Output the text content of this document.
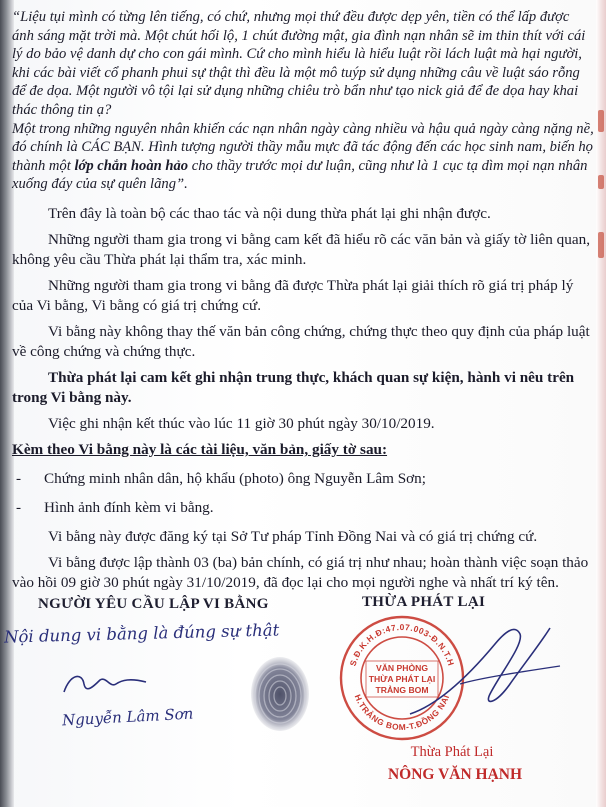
“Liệu tụi mình có từng lên tiếng, có chứ, nhưng mọi thứ đều được dẹp yên, tiền có thể lấp được ánh sáng mặt trời mà. Một chút hối lộ, 1 chút đường mật, gia đình nạn nhân sẽ im thin thít với cái lý do bảo vệ danh dự cho con gái mình. Cứ cho mình hiểu là hiểu luật rồi lách luật mà hại người, khi các bài viết cổ phanh phui sự thật thì đều là một mô tuýp sử dụng những câu về luật sáo rỗng để đe dọa. Một người vô tội lại sử dụng những chiêu trò bẩn như tạo nick giả để đe dọa hay khai thác thông tin ạ?
Một trong những nguyên nhân khiến các nạn nhân ngày càng nhiều và hậu quả ngày càng nặng nề, đó chính là CÁC BẠN. Hình tượng người thầy mẫu mực đã tác động đến các học sinh nam, biến họ thành một lớp chắn hoàn hảo cho thầy trước mọi dư luận, cũng như là 1 cục tạ dìm mọi nạn nhân xuống đáy của sự quên lãng”.
Trên đây là toàn bộ các thao tác và nội dung thừa phát lại ghi nhận được.
Những người tham gia trong vi bằng cam kết đã hiểu rõ các văn bản và giấy tờ liên quan, không yêu cầu Thừa phát lại thẩm tra, xác minh.
Những người tham gia trong vi bằng đã được Thừa phát lại giải thích rõ giá trị pháp lý của Vi bằng, Vi bằng có giá trị chứng cứ.
Vi bằng này không thay thế văn bản công chứng, chứng thực theo quy định của pháp luật về công chứng và chứng thực.
Thừa phát lại cam kết ghi nhận trung thực, khách quan sự kiện, hành vi nêu trên trong Vi bằng này.
Việc ghi nhận kết thúc vào lúc 11 giờ 30 phút ngày 30/10/2019.
Kèm theo Vi bằng này là các tài liệu, văn bản, giấy tờ sau:
-	Chứng minh nhân dân, hộ khẩu (photo) ông Nguyễn Lâm Sơn;
-	Hình ảnh đính kèm vi bằng.
Vi bằng này được đăng ký tại Sở Tư pháp Tỉnh Đồng Nai và có giá trị chứng cứ.
Vi bằng được lập thành 03 (ba) bản chính, có giá trị như nhau; hoàn thành việc soạn thảo vào hồi 09 giờ 30 phút ngày 31/10/2019, đã đọc lại cho mọi người nghe và nhất trí ký tên.
NGƯỜI YÊU CẦU LẬP VI BẰNG	THỪA PHÁT LẠI
Nội dung vi bằng là đúng sự thật
Nguyễn Lâm Sơn
S.Đ.K.H.Đ:47.07.003-Đ.N.T.H
H.TRẢNG BOM-T.ĐỒNG NAI
VĂN PHÒNG
THỪA PHÁT LẠI
TRẢNG BOM
Thừa Phát Lại
NÔNG VĂN HẠNH
